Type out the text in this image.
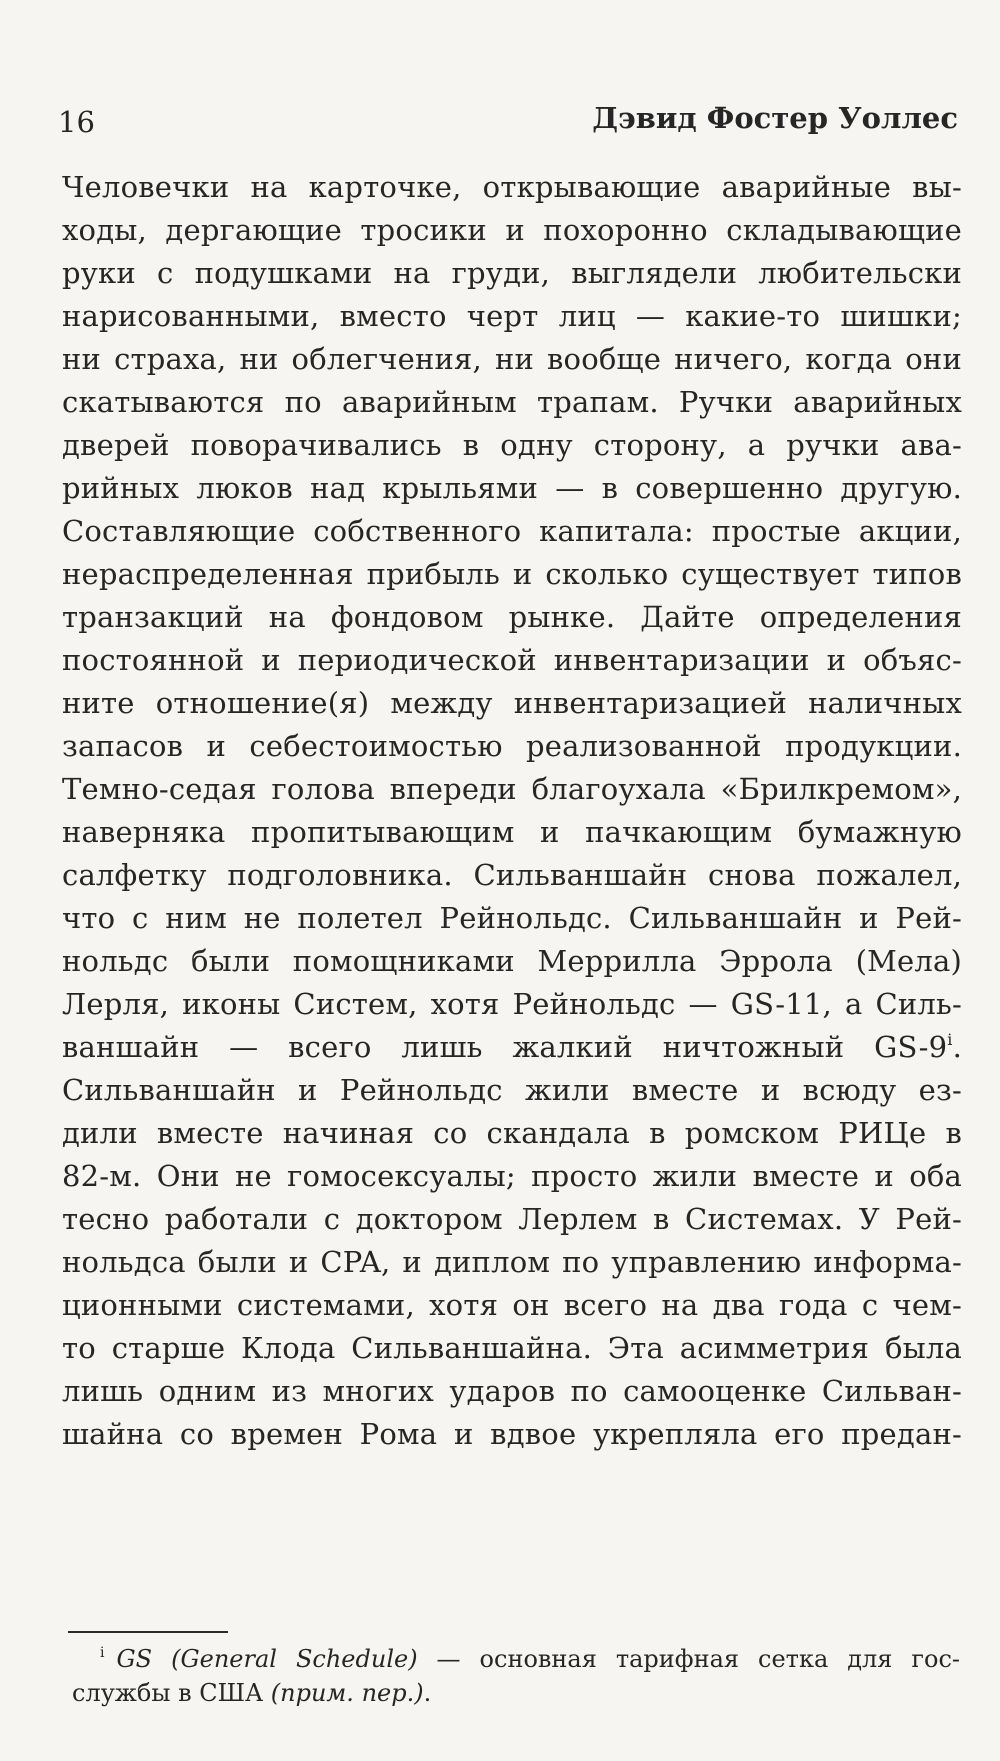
16	Дэвид Фостер Уоллес
Человечки на карточке, открывающие аварийные вы-
ходы, дергающие тросики и похоронно складывающие
руки с подушками на груди, выглядели любительски
нарисованными, вместо черт лиц — какие-то шишки;
ни страха, ни облегчения, ни вообще ничего, когда они
скатываются по аварийным трапам. Ручки аварийных
дверей поворачивались в одну сторону, а ручки ава-
рийных люков над крыльями — в совершенно другую.
Составляющие собственного капитала: простые акции,
нераспределенная прибыль и сколько существует типов
транзакций на фондовом рынке. Дайте определения
постоянной и периодической инвентаризации и объяс-
ните отношение(я) между инвентаризацией наличных
запасов и себестоимостью реализованной продукции.
Темно-седая голова впереди благоухала «Брилкремом»,
наверняка пропитывающим и пачкающим бумажную
салфетку подголовника. Сильваншайн снова пожалел,
что с ним не полетел Рейнольдс. Сильваншайн и Рей-
нольдс были помощниками Меррилла Эррола (Мела)
Лерля, иконы Систем, хотя Рейнольдс — GS-11, а Силь-
ваншайн — всего лишь жалкий ничтожный GS-9$^i$.
Сильваншайн и Рейнольдс жили вместе и всюду ез-
дили вместе начиная со скандала в ромском РИЦе в
82-м. Они не гомосексуалы; просто жили вместе и оба
тесно работали с доктором Лерлем в Системах. У Рей-
нольдса были и CPA, и диплом по управлению информа-
ционными системами, хотя он всего на два года с чем-
то старше Клода Сильваншайна. Эта асимметрия была
лишь одним из многих ударов по самооценке Сильван-
шайна со времен Рома и вдвое укрепляла его предан-
$^i$ GS (General Schedule) — основная тарифная сетка для гос-
службы в США (прим. пер.).
